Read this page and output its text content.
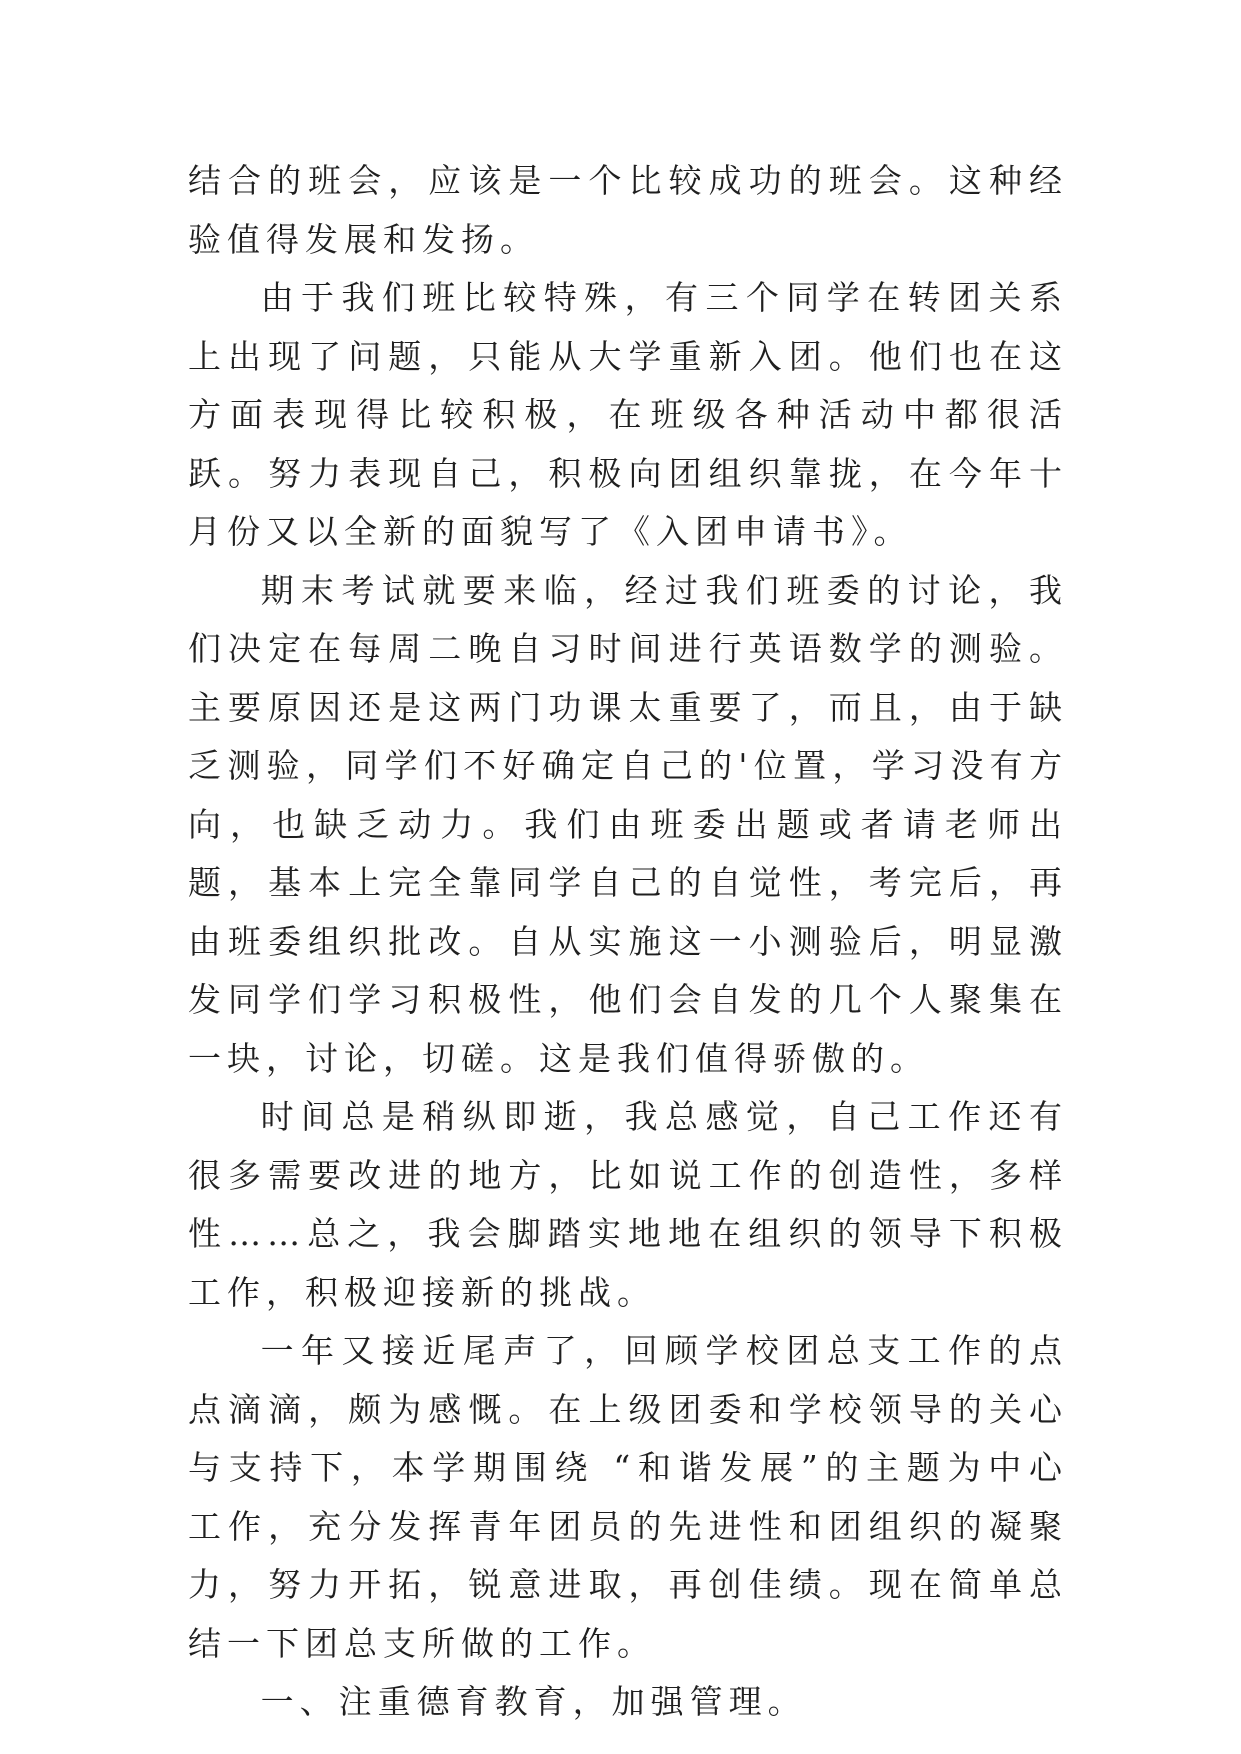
结合的班会，应该是一个比较成功的班会。这种经验值得发展和发扬。

由于我们班比较特殊，有三个同学在转团关系上出现了问题，只能从大学重新入团。他们也在这方面表现得比较积极，在班级各种活动中都很活跃。努力表现自己，积极向团组织靠拢，在今年十月份又以全新的面貌写了《入团申请书》。

期末考试就要来临，经过我们班委的讨论，我们决定在每周二晚自习时间进行英语数学的测验。主要原因还是这两门功课太重要了，而且，由于缺乏测验，同学们不好确定自己的'位置，学习没有方向，也缺乏动力。我们由班委出题或者请老师出题，基本上完全靠同学自己的自觉性，考完后，再由班委组织批改。自从实施这一小测验后，明显激发同学们学习积极性，他们会自发的几个人聚集在一块，讨论，切磋。这是我们值得骄傲的。

时间总是稍纵即逝，我总感觉，自己工作还有很多需要改进的地方，比如说工作的创造性，多样性……总之，我会脚踏实地地在组织的领导下积极工作，积极迎接新的挑战。

一年又接近尾声了，回顾学校团总支工作的点点滴滴，颇为感慨。在上级团委和学校领导的关心与支持下，本学期围绕 “和谐发展”的主题为中心工作，充分发挥青年团员的先进性和团组织的凝聚力，努力开拓，锐意进取，再创佳绩。现在简单总结一下团总支所做的工作。

一、注重德育教育，加强管理。
